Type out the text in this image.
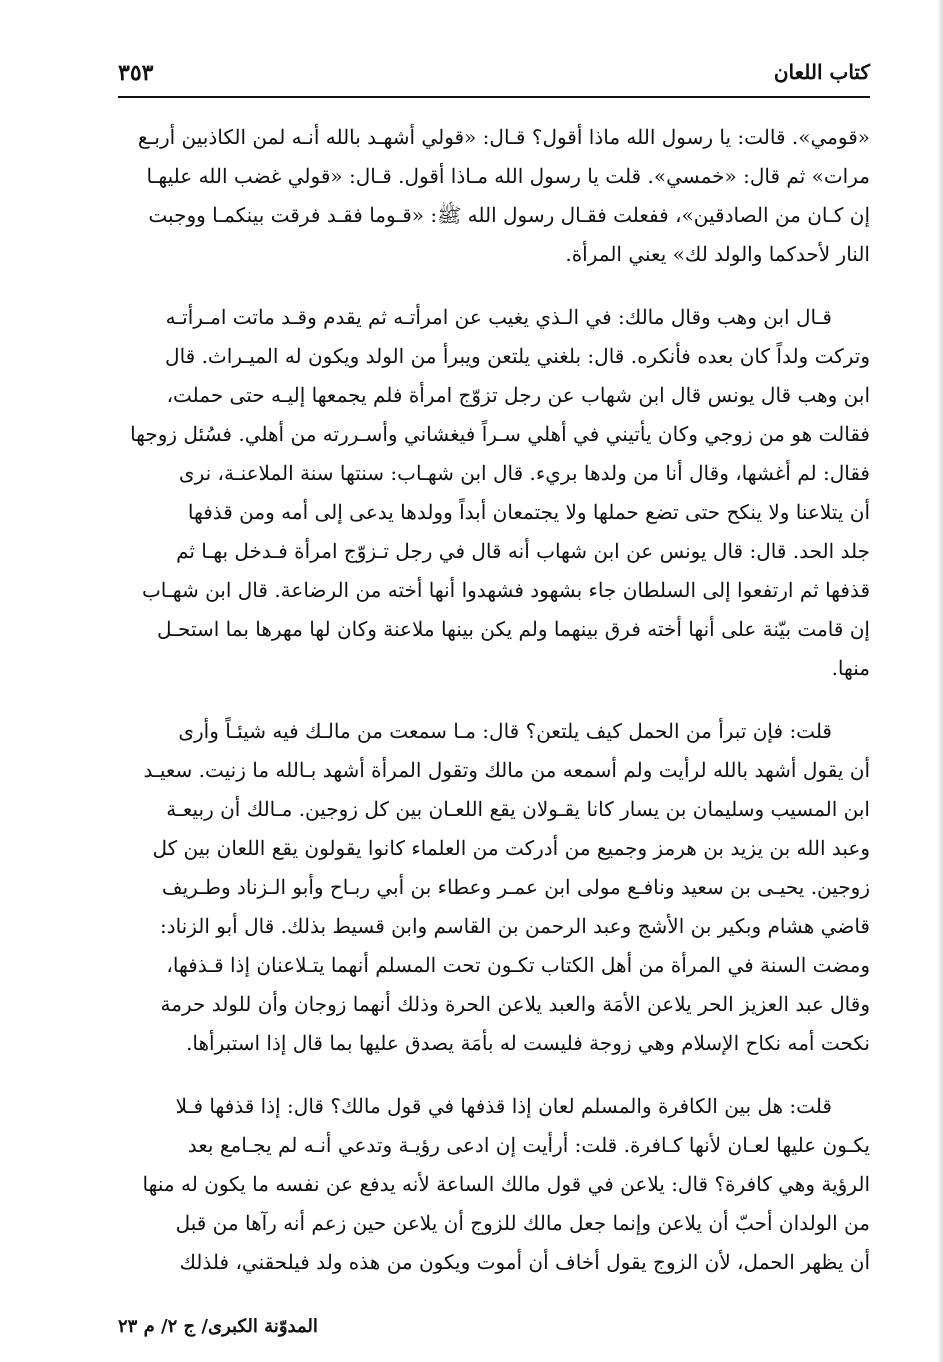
كتاب اللعان
٣٥٣
«قومي». قالت: يا رسول الله ماذا أقول؟ قـال: «قولي أشهـد بالله أنـه لمن الكاذبين أربـع
مرات» ثم قال: «خمسي». قلت يا رسول الله مـاذا أقول. قـال: «قولي غضب الله عليهـا
إن كـان من الصادقين»، ففعلت فقـال رسول الله ﷺ: «قـوما فقـد فرقت بينكمـا ووجبت
النار لأحدكما والولد لك» يعني المرأة.
قـال ابن وهب وقال مالك: في الـذي يغيب عن امرأتـه ثم يقدم وقـد ماتت امـرأتـه
وتركت ولداً كان بعده فأنكره. قال: بلغني يلتعن ويبرأ من الولد ويكون له الميـراث. قال
ابن وهب قال يونس قال ابن شهاب عن رجل تزوّج امرأة فلم يجمعها إليـه حتى حملت،
فقالت هو من زوجي وكان يأتيني في أهلي سـراً فيغشاني وأسـررته من أهلي. فسُئل زوجها
فقال: لم أغشها، وقال أنا من ولدها بريء. قال ابن شهـاب: سنتها سنة الملاعنـة، نرى
أن يتلاعنا ولا ينكح حتى تضع حملها ولا يجتمعان أبداً وولدها يدعى إلى أمه ومن قذفها
جلد الحد. قال: قال يونس عن ابن شهاب أنه قال في رجل تـزوّج امرأة فـدخل بهـا ثم
قذفها ثم ارتفعوا إلى السلطان جاء بشهود فشهدوا أنها أخته من الرضاعة. قال ابن شهـاب
إن قامت بيّنة على أنها أخته فرق بينهما ولم يكن بينها ملاعنة وكان لها مهرها بما استحـل
منها.
قلت: فإن تبرأ من الحمل كيف يلتعن؟ قال: مـا سمعت من مالـك فيه شيئـاً وأرى
أن يقول أشهد بالله لرأيت ولم أسمعه من مالك وتقول المرأة أشهد بـالله ما زنيت. سعيـد
ابن المسيب وسليمان بن يسار كانا يقـولان يقع اللعـان بين كل زوجين. مـالك أن ربيعـة
وعبد الله بن يزيد بن هرمز وجميع من أدركت من العلماء كانوا يقولون يقع اللعان بين كل
زوجين. يحيـى بن سعيد ونافـع مولى ابن عمـر وعطاء بن أبي ربـاح وأبو الـزناد وطـريف
قاضي هشام وبكير بن الأشج وعبد الرحمن بن القاسم وابن قسيط بذلك. قال أبو الزناد:
ومضت السنة في المرأة من أهل الكتاب تكـون تحت المسلم أنهما يتـلاعنان إذا قـذفها،
وقال عبد العزيز الحر يلاعن الأمَة والعبد يلاعن الحرة وذلك أنهما زوجان وأن للولد حرمة
نكحت أمه نكاح الإسلام وهي زوجة فليست له بأمَة يصدق عليها بما قال إذا استبرأها.
قلت: هل بين الكافرة والمسلم لعان إذا قذفها في قول مالك؟ قال: إذا قذفها فـلا
يكـون عليها لعـان لأنها كـافرة. قلت: أرأيت إن ادعى رؤيـة وتدعي أنـه لم يجـامع بعد
الرؤية وهي كافرة؟ قال: يلاعن في قول مالك الساعة لأنه يدفع عن نفسه ما يكون له منها
من الولدان أحبّ أن يلاعن وإنما جعل مالك للزوج أن يلاعن حين زعم أنه رآها من قبل
أن يظهر الحمل، لأن الزوج يقول أخاف أن أموت ويكون من هذه ولد فيلحقني، فلذلك
المدوّنة الكبرى/ ج ٢/ م ٢٣
